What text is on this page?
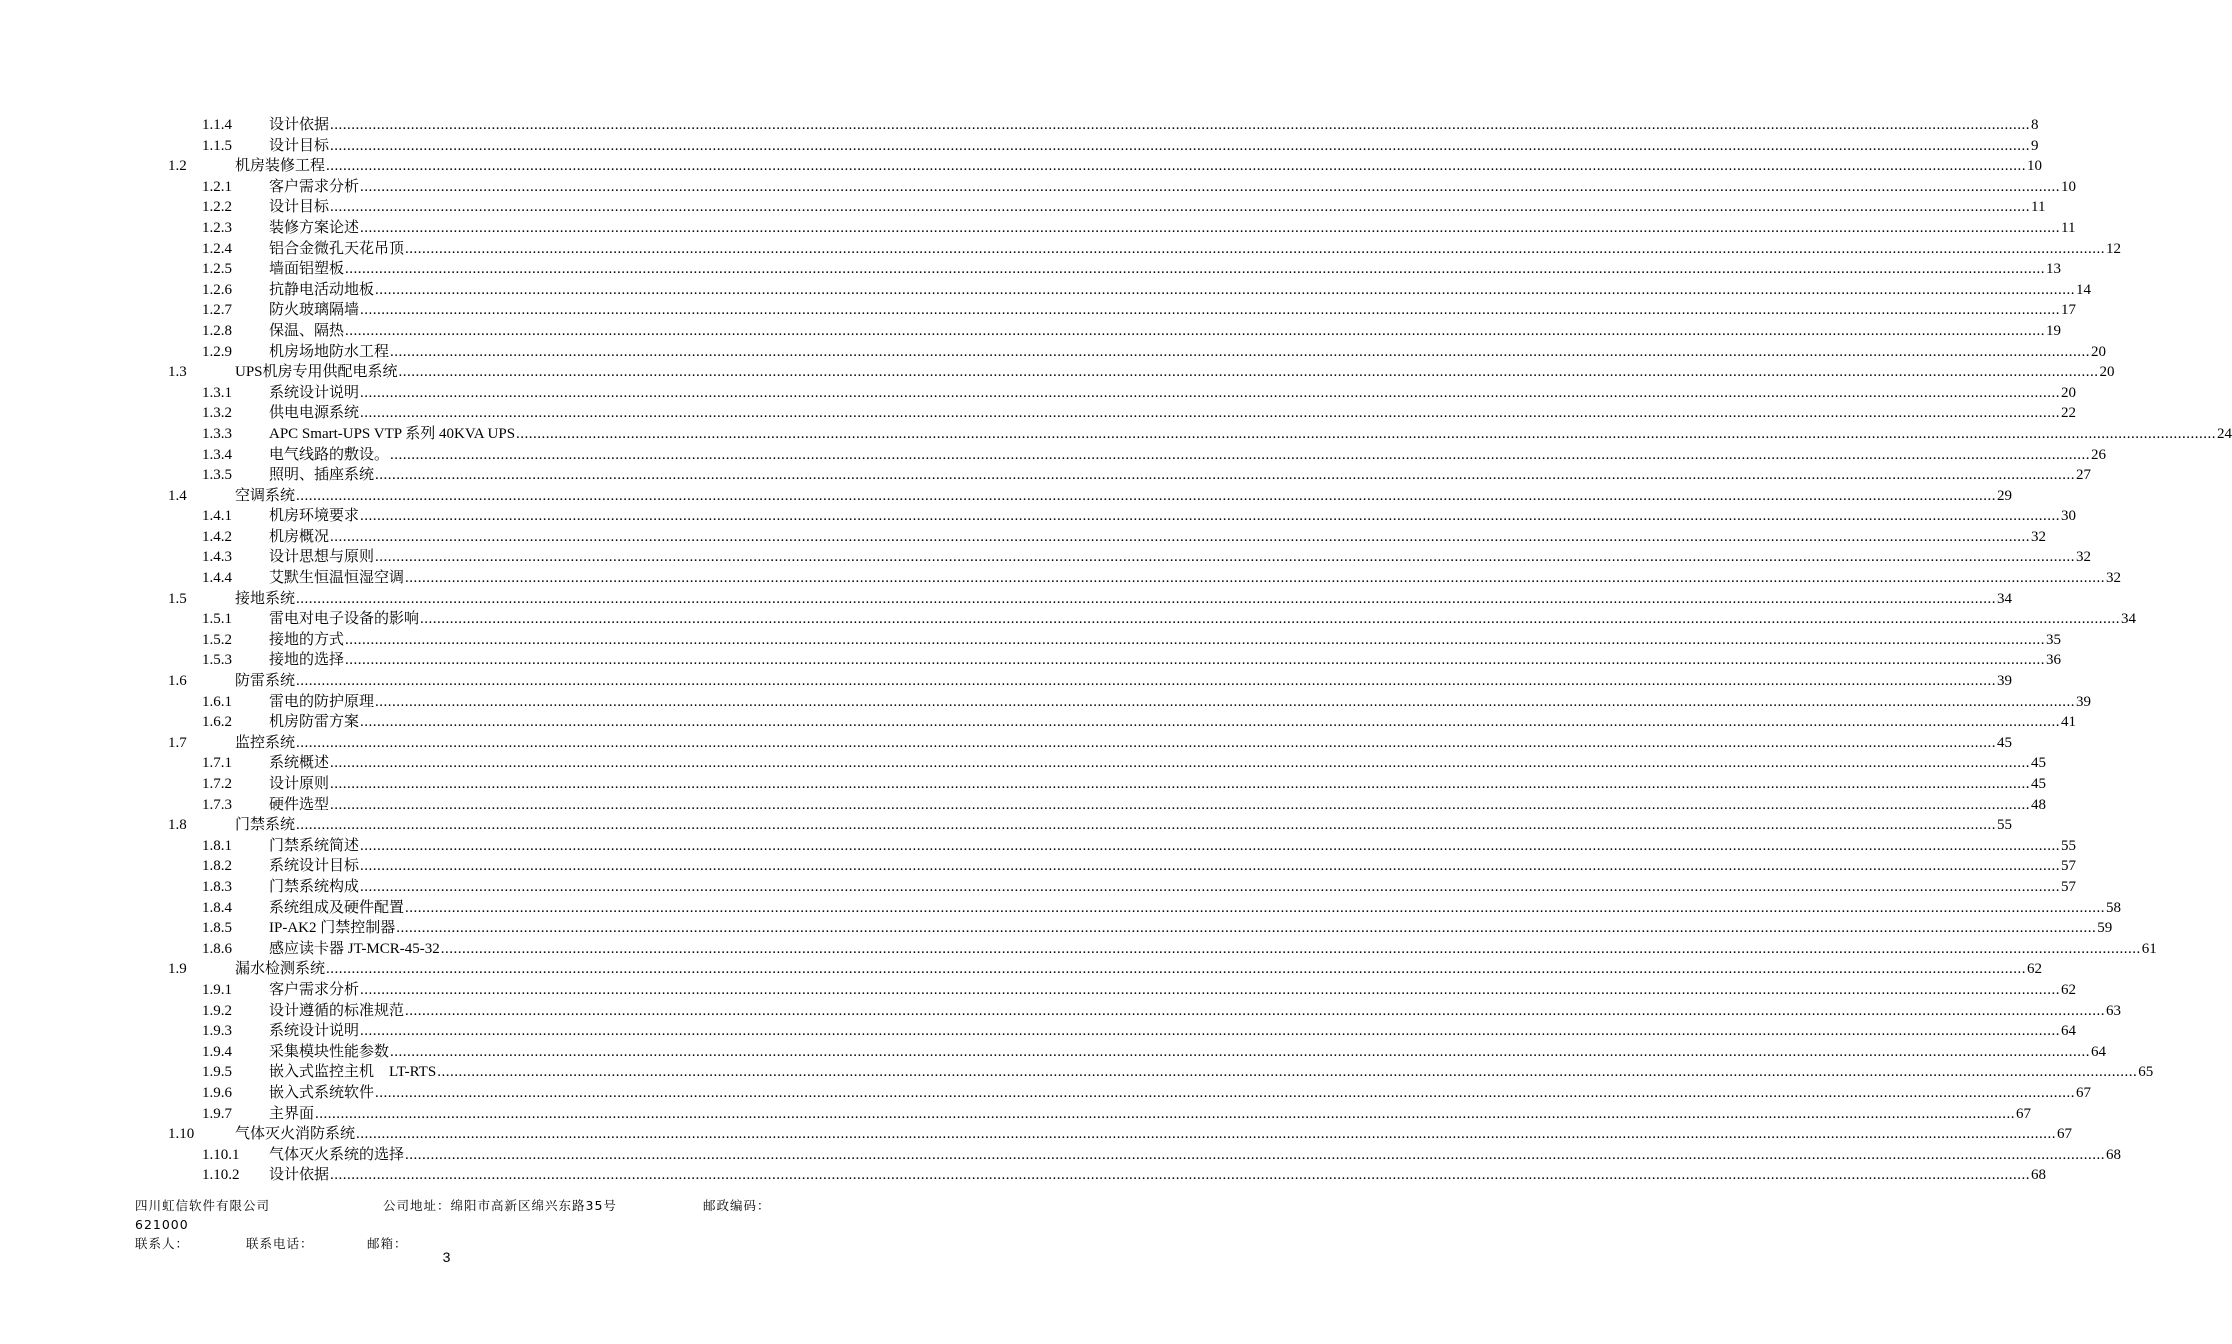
1.1.4 设计依据 ................................................................................................................................................................................................................................................................................................................................................................................................................ 8
1.1.5 设计目标 ................................................................................................................................................................................................................................................................................................................................................................................................................ 9
1.2	机房装修工程 ................................................................................................................................................................................................................................................................................................................................................................................................................ 10
1.2.1 客户需求分析 ................................................................................................................................................................................................................................................................................................................................................................................................................ 10
1.2.2 设计目标 ................................................................................................................................................................................................................................................................................................................................................................................................................ 11
1.2.3 装修方案论述 ................................................................................................................................................................................................................................................................................................................................................................................................................ 11
1.2.4 铝合金微孔天花吊顶 ................................................................................................................................................................................................................................................................................................................................................................................................................ 12
1.2.5 墙面铝塑板 ................................................................................................................................................................................................................................................................................................................................................................................................................ 13
1.2.6 抗静电活动地板 ................................................................................................................................................................................................................................................................................................................................................................................................................ 14
1.2.7 防火玻璃隔墙 ................................................................................................................................................................................................................................................................................................................................................................................................................ 17
1.2.8 保温、隔热 ................................................................................................................................................................................................................................................................................................................................................................................................................ 19
1.2.9 机房场地防水工程 ................................................................................................................................................................................................................................................................................................................................................................................................................ 20
1.3	UPS机房专用供配电系统 ................................................................................................................................................................................................................................................................................................................................................................................................................ 20
1.3.1 系统设计说明 ................................................................................................................................................................................................................................................................................................................................................................................................................ 20
1.3.2 供电电源系统 ................................................................................................................................................................................................................................................................................................................................................................................................................ 22
1.3.3 APC Smart-UPS VTP 系列 40KVA UPS ................................................................................................................................................................................................................................................................................................................................................................................................................ 24
1.3.4 电气线路的敷设。 ................................................................................................................................................................................................................................................................................................................................................................................................................ 26
1.3.5 照明、插座系统 ................................................................................................................................................................................................................................................................................................................................................................................................................ 27
1.4	空调系统 ................................................................................................................................................................................................................................................................................................................................................................................................................ 29
1.4.1 机房环境要求 ................................................................................................................................................................................................................................................................................................................................................................................................................ 30
1.4.2 机房概况 ................................................................................................................................................................................................................................................................................................................................................................................................................ 32
1.4.3 设计思想与原则 ................................................................................................................................................................................................................................................................................................................................................................................................................ 32
1.4.4 艾默生恒温恒湿空调 ................................................................................................................................................................................................................................................................................................................................................................................................................ 32
1.5	接地系统 ................................................................................................................................................................................................................................................................................................................................................................................................................ 34
1.5.1 雷电对电子设备的影响 ................................................................................................................................................................................................................................................................................................................................................................................................................ 34
1.5.2 接地的方式 ................................................................................................................................................................................................................................................................................................................................................................................................................ 35
1.5.3 接地的选择 ................................................................................................................................................................................................................................................................................................................................................................................................................ 36
1.6	防雷系统 ................................................................................................................................................................................................................................................................................................................................................................................................................ 39
1.6.1 雷电的防护原理 ................................................................................................................................................................................................................................................................................................................................................................................................................ 39
1.6.2 机房防雷方案 ................................................................................................................................................................................................................................................................................................................................................................................................................ 41
1.7	监控系统 ................................................................................................................................................................................................................................................................................................................................................................................................................ 45
1.7.1 系统概述 ................................................................................................................................................................................................................................................................................................................................................................................................................ 45
1.7.2 设计原则 ................................................................................................................................................................................................................................................................................................................................................................................................................ 45
1.7.3 硬件选型 ................................................................................................................................................................................................................................................................................................................................................................................................................ 48
1.8	门禁系统 ................................................................................................................................................................................................................................................................................................................................................................................................................ 55
1.8.1 门禁系统简述 ................................................................................................................................................................................................................................................................................................................................................................................................................ 55
1.8.2 系统设计目标 ................................................................................................................................................................................................................................................................................................................................................................................................................ 57
1.8.3 门禁系统构成 ................................................................................................................................................................................................................................................................................................................................................................................................................ 57
1.8.4 系统组成及硬件配置 ................................................................................................................................................................................................................................................................................................................................................................................................................ 58
1.8.5 IP-AK2 门禁控制器 ................................................................................................................................................................................................................................................................................................................................................................................................................ 59
1.8.6 感应读卡器 JT-MCR-45-32 ................................................................................................................................................................................................................................................................................................................................................................................................................ 61
1.9	漏水检测系统 ................................................................................................................................................................................................................................................................................................................................................................................................................ 62
1.9.1 客户需求分析 ................................................................................................................................................................................................................................................................................................................................................................................................................ 62
1.9.2 设计遵循的标准规范 ................................................................................................................................................................................................................................................................................................................................................................................................................ 63
1.9.3 系统设计说明 ................................................................................................................................................................................................................................................................................................................................................................................................................ 64
1.9.4 采集模块性能参数 ................................................................................................................................................................................................................................................................................................................................................................................................................ 64
1.9.5 嵌入式监控主机　LT-RTS ................................................................................................................................................................................................................................................................................................................................................................................................................ 65
1.9.6 嵌入式系统软件 ................................................................................................................................................................................................................................................................................................................................................................................................................ 67
1.9.7 主界面 ................................................................................................................................................................................................................................................................................................................................................................................................................ 67
1.10	气体灭火消防系统 ................................................................................................................................................................................................................................................................................................................................................................................................................ 67
1.10.1 气体灭火系统的选择 ................................................................................................................................................................................................................................................................................................................................................................................................................ 68
1.10.2 设计依据 ................................................................................................................................................................................................................................................................................................................................................................................................................ 68
四川虹信软件有限公司	公司地址：绵阳市高新区绵兴东路35号	邮政编码：
621000
联系人：	联系电话：	邮箱：
3
